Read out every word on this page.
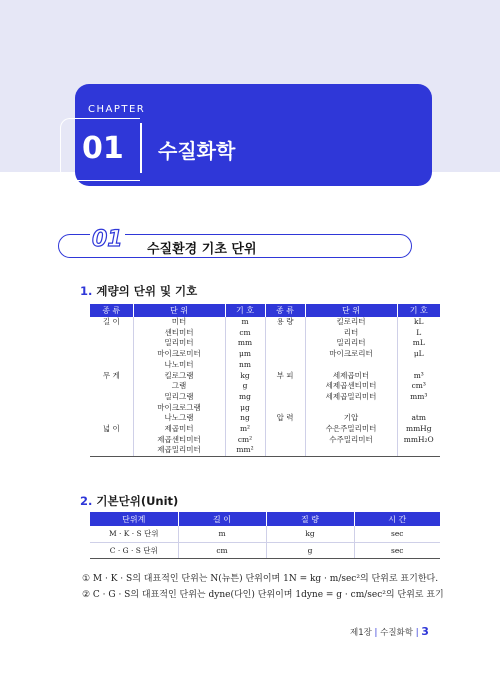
CHAPTER
01 수질화학
01 수질환경 기초 단위
1. 계량의 단위 및 기호
종 류	단 위	기 호	종 류	단 위	기 호
길 이	미터	m	용 량	킬로리터	kL
	센티미터	cm		리터	L
	밀리미터	mm		밀리리터	mL
	마이크로미터	μm		마이크로리터	μL
	나노미터	nm			
무 게	킬로그램	kg	부 피	세제곱미터	m³
	그램	g		세제곱센티미터	cm³
	밀리그램	mg		세제곱밀리미터	mm³
	마이크로그램	μg			
	나노그램	ng	압 력	기압	atm
넓 이	제곱미터	m²		수은주밀리미터	mmHg
	제곱센티미터	cm²		수주밀리미터	mmH₂O
	제곱밀리미터	mm²			
2. 기본단위(Unit)
단위계	길 이	질 량	시 간
M · K · S 단위	m	kg	sec
C · G · S 단위	cm	g	sec
① M · K · S의 대표적인 단위는 N(뉴튼) 단위이며 1N = kg · m/sec²의 단위로 표기한다.
② C · G · S의 대표적인 단위는 dyne(다인) 단위이며 1dyne = g · cm/sec²의 단위로 표기
제1장 | 수질화학 | 3
